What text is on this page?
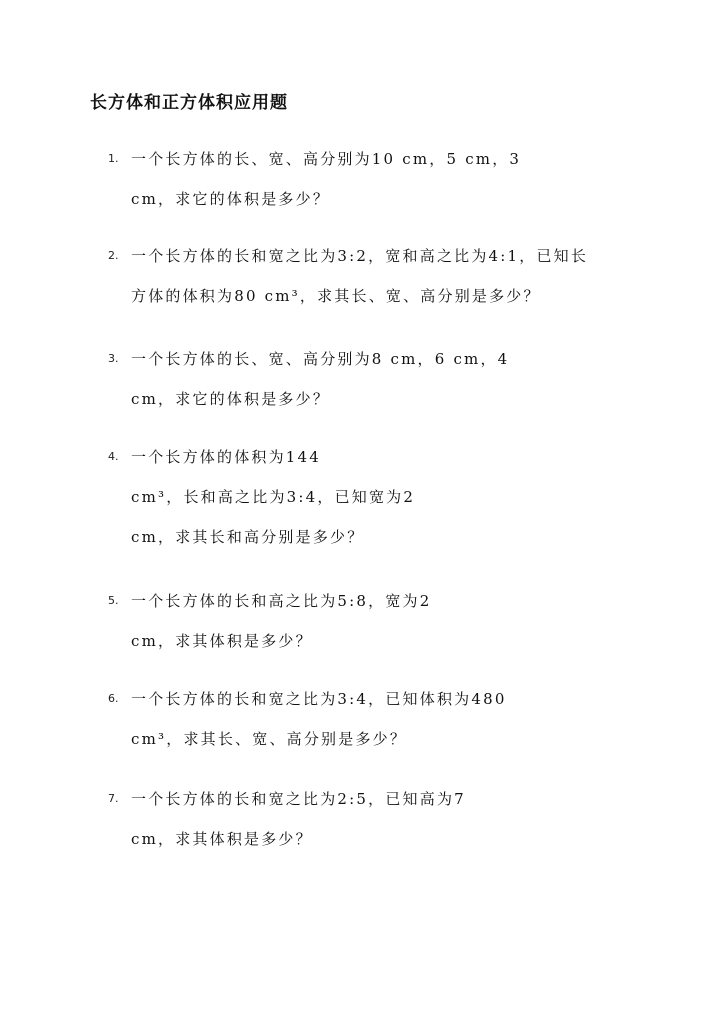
长方体和正方体积应用题
1. 一个长方体的长、宽、高分别为10 cm，5 cm，3
cm，求它的体积是多少？
2. 一个长方体的长和宽之比为3:2，宽和高之比为4:1，已知长
方体的体积为80 cm³，求其长、宽、高分别是多少？
3. 一个长方体的长、宽、高分别为8 cm，6 cm，4
cm，求它的体积是多少？
4. 一个长方体的体积为144
cm³，长和高之比为3:4，已知宽为2
cm，求其长和高分别是多少？
5. 一个长方体的长和高之比为5:8，宽为2
cm，求其体积是多少？
6. 一个长方体的长和宽之比为3:4，已知体积为480
cm³，求其长、宽、高分别是多少？
7. 一个长方体的长和宽之比为2:5，已知高为7
cm，求其体积是多少？
